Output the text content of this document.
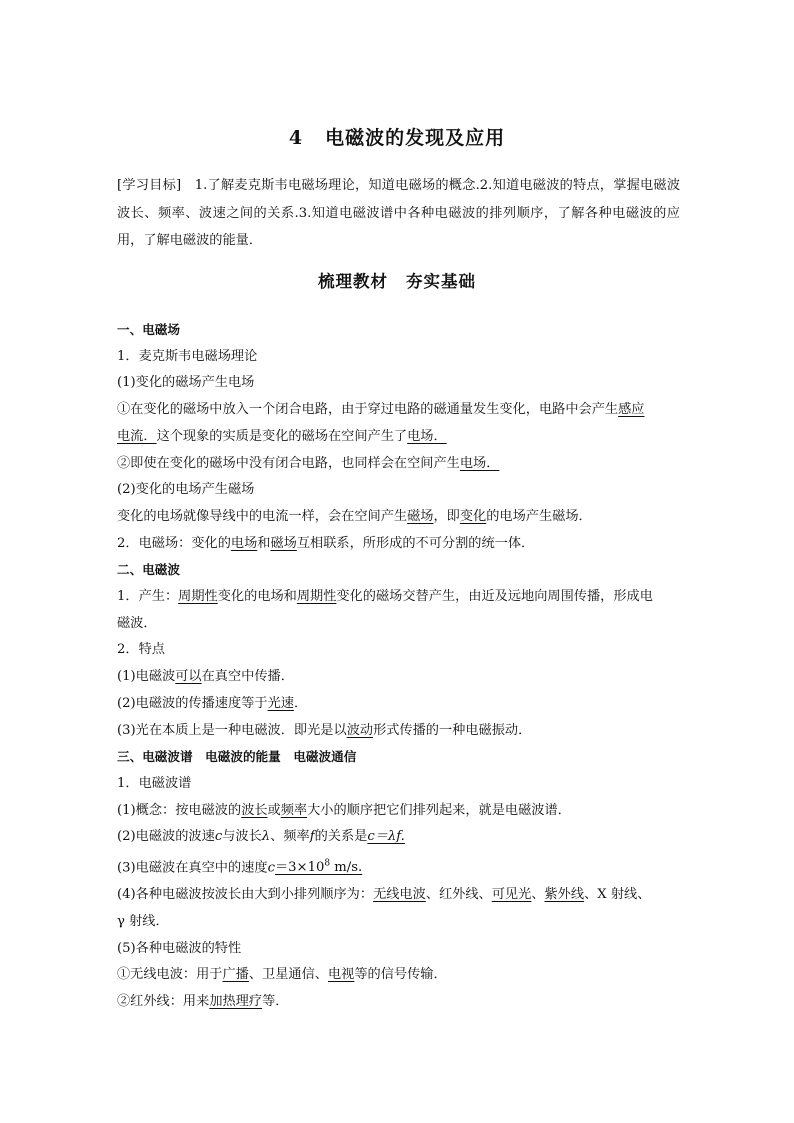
4 电磁波的发现及应用
[学习目标]　 1.了解麦克斯韦电磁场理论，知道电磁场的概念.2.知道电磁波的特点，掌握电磁波波长、频率、波速之间的关系.3.知道电磁波谱中各种电磁波的排列顺序，了解各种电磁波的应用，了解电磁波的能量．
梳理教材 夯实基础
一、电磁场
1．麦克斯韦电磁场理论
(1)变化的磁场产生电场
①在变化的磁场中放入一个闭合电路，由于穿过电路的磁通量发生变化，电路中会产生感应
电流．这个现象的实质是变化的磁场在空间产生了电场．
②即使在变化的磁场中没有闭合电路，也同样会在空间产生电场．
(2)变化的电场产生磁场
变化的电场就像导线中的电流一样，会在空间产生磁场，即变化的电场产生磁场．
2．电磁场：变化的电场和磁场互相联系，所形成的不可分割的统一体．
二、电磁波
1．产生：周期性变化的电场和周期性变化的磁场交替产生，由近及远地向周围传播，形成电
磁波．
2．特点
(1)电磁波可以在真空中传播．
(2)电磁波的传播速度等于光速．
(3)光在本质上是一种电磁波．即光是以波动形式传播的一种电磁振动．
三、电磁波谱　电磁波的能量　电磁波通信
1．电磁波谱
(1)概念：按电磁波的波长或频率大小的顺序把它们排列起来，就是电磁波谱．
(2)电磁波的波速c与波长λ、频率f的关系是c＝λf.
(3)电磁波在真空中的速度$c=3\times 10^8$ m/s.
(4)各种电磁波按波长由大到小排列顺序为：无线电波、红外线、可见光、紫外线、X 射线、
γ 射线．
(5)各种电磁波的特性
①无线电波：用于广播、卫星通信、电视等的信号传输．
②红外线：用来加热理疗等．
